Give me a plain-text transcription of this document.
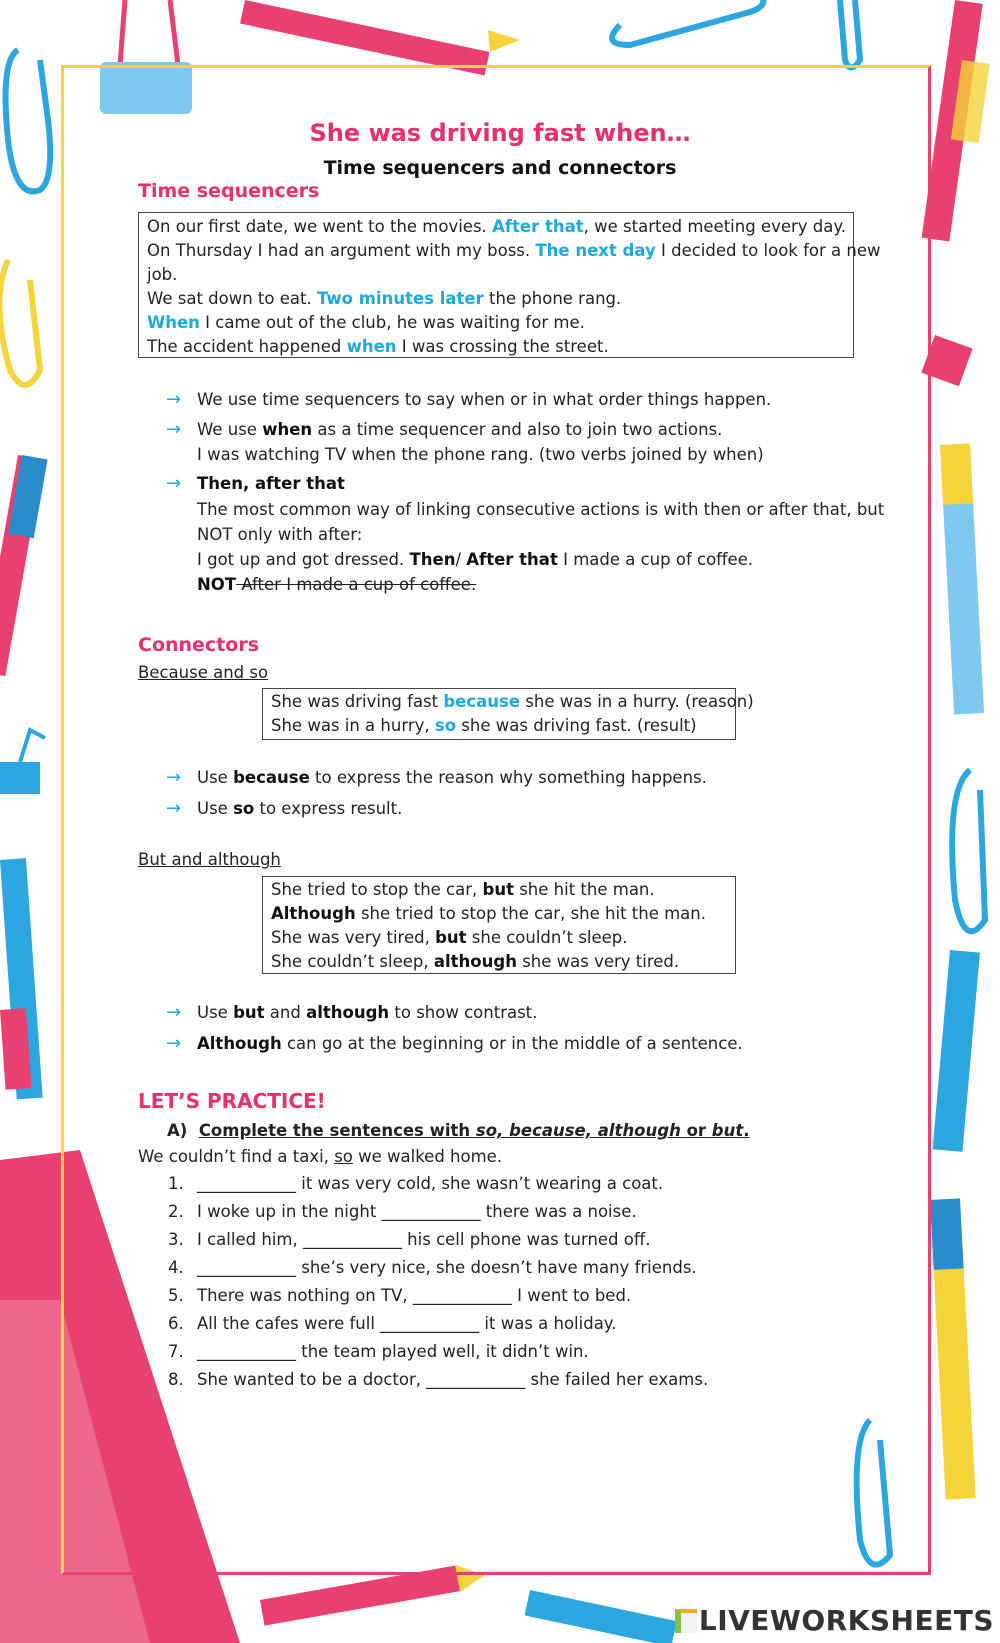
She was driving fast when…
Time sequencers and connectors
Time sequencers
On our first date, we went to the movies. After that, we started meeting every day.
On Thursday I had an argument with my boss. The next day I decided to look for a new
job.
We sat down to eat. Two minutes later the phone rang.
When I came out of the club, he was waiting for me.
The accident happened when I was crossing the street.
→ We use time sequencers to say when or in what order things happen.
→ We use when as a time sequencer and also to join two actions.
I was watching TV when the phone rang. (two verbs joined by when)
→ Then, after that
The most common way of linking consecutive actions is with then or after that, but
NOT only with after:
I got up and got dressed. Then/ After that I made a cup of coffee.
NOT After I made a cup of coffee.
Connectors
Because and so
She was driving fast because she was in a hurry. (reason)
She was in a hurry, so she was driving fast. (result)
→ Use because to express the reason why something happens.
→ Use so to express result.
But and although
She tried to stop the car, but she hit the man.
Although she tried to stop the car, she hit the man.
She was very tired, but she couldn’t sleep.
She couldn’t sleep, although she was very tired.
→ Use but and although to show contrast.
→ Although can go at the beginning or in the middle of a sentence.
LET’S PRACTICE!
A) Complete the sentences with so, because, although or but.
We couldn’t find a taxi, so we walked home.
1. ____________ it was very cold, she wasn’t wearing a coat.
2. I woke up in the night ____________ there was a noise.
3. I called him, ____________ his cell phone was turned off.
4. ____________ she’s very nice, she doesn’t have many friends.
5. There was nothing on TV, ____________ I went to bed.
6. All the cafes were full ____________ it was a holiday.
7. ____________ the team played well, it didn’t win.
8. She wanted to be a doctor, ____________ she failed her exams.
LIVEWORKSHEETS
